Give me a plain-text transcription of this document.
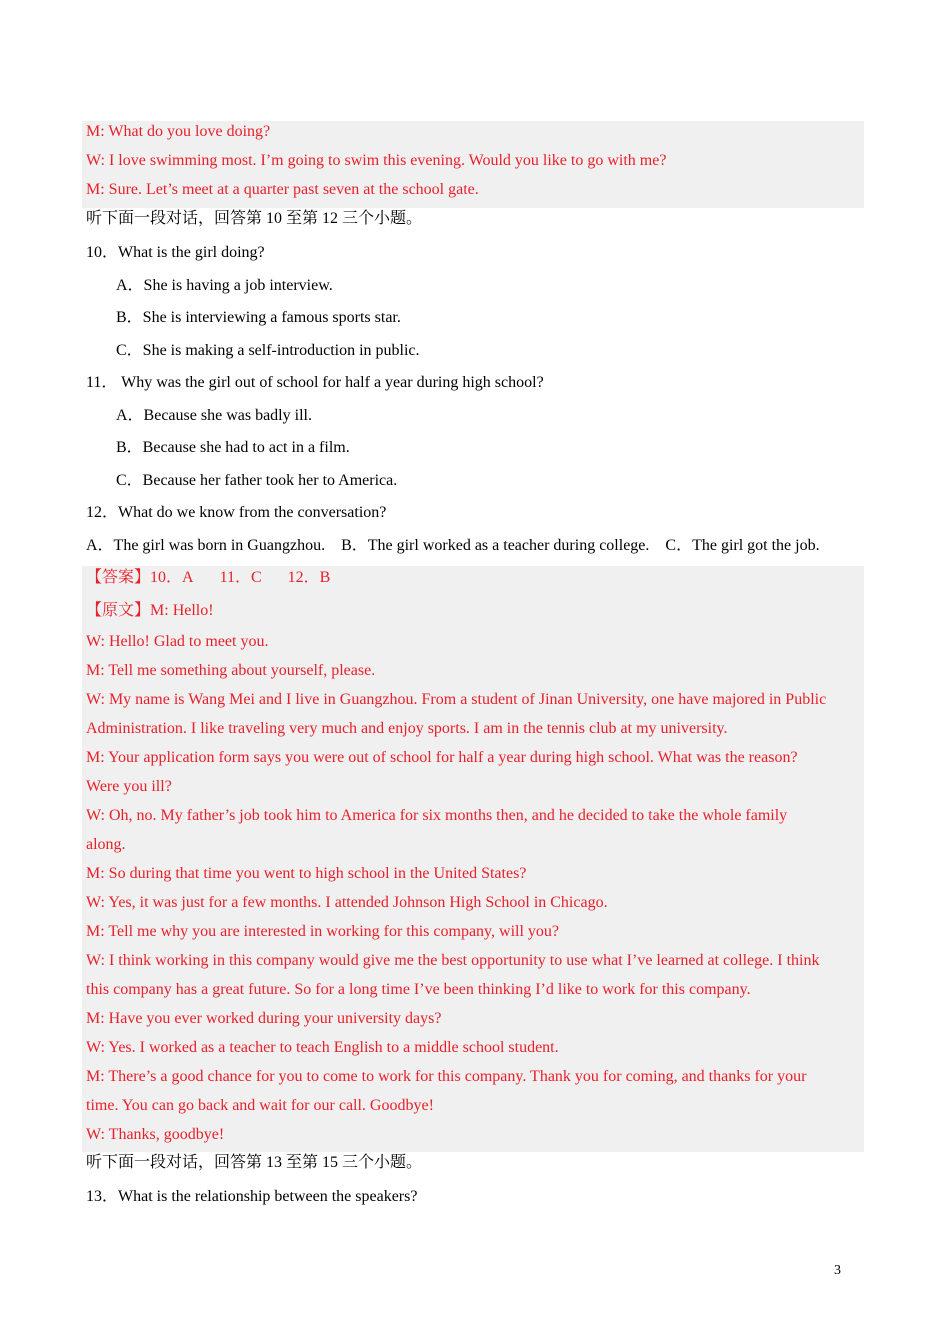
M: What do you love doing?
W: I love swimming most. I’m going to swim this evening. Would you like to go with me?
M: Sure. Let’s meet at a quarter past seven at the school gate.
听下面一段对话，回答第 10 至第 12 三个小题。
10．What is the girl doing?
A．She is having a job interview.
B．She is interviewing a famous sports star.
C．She is making a self-introduction in public.
11． Why was the girl out of school for half a year during high school?
A．Because she was badly ill.
B．Because she had to act in a film.
C．Because her father took her to America.
12．What do we know from the conversation?
A．The girl was born in Guangzhou.    B．The girl worked as a teacher during college.    C．The girl got the job.
【答案】10．A 11．C 12．B
【原文】M: Hello!
W: Hello! Glad to meet you.
M: Tell me something about yourself, please.
W: My name is Wang Mei and I live in Guangzhou. From a student of Jinan University, one have majored in Public
Administration. I like traveling very much and enjoy sports. I am in the tennis club at my university.
M: Your application form says you were out of school for half a year during high school. What was the reason?
Were you ill?
W: Oh, no. My father’s job took him to America for six months then, and he decided to take the whole family
along.
M: So during that time you went to high school in the United States?
W: Yes, it was just for a few months. I attended Johnson High School in Chicago.
M: Tell me why you are interested in working for this company, will you?
W: I think working in this company would give me the best opportunity to use what I’ve learned at college. I think
this company has a great future. So for a long time I’ve been thinking I’d like to work for this company.
M: Have you ever worked during your university days?
W: Yes. I worked as a teacher to teach English to a middle school student.
M: There’s a good chance for you to come to work for this company. Thank you for coming, and thanks for your
time. You can go back and wait for our call. Goodbye!
W: Thanks, goodbye!
听下面一段对话，回答第 13 至第 15 三个小题。
13．What is the relationship between the speakers?
3
